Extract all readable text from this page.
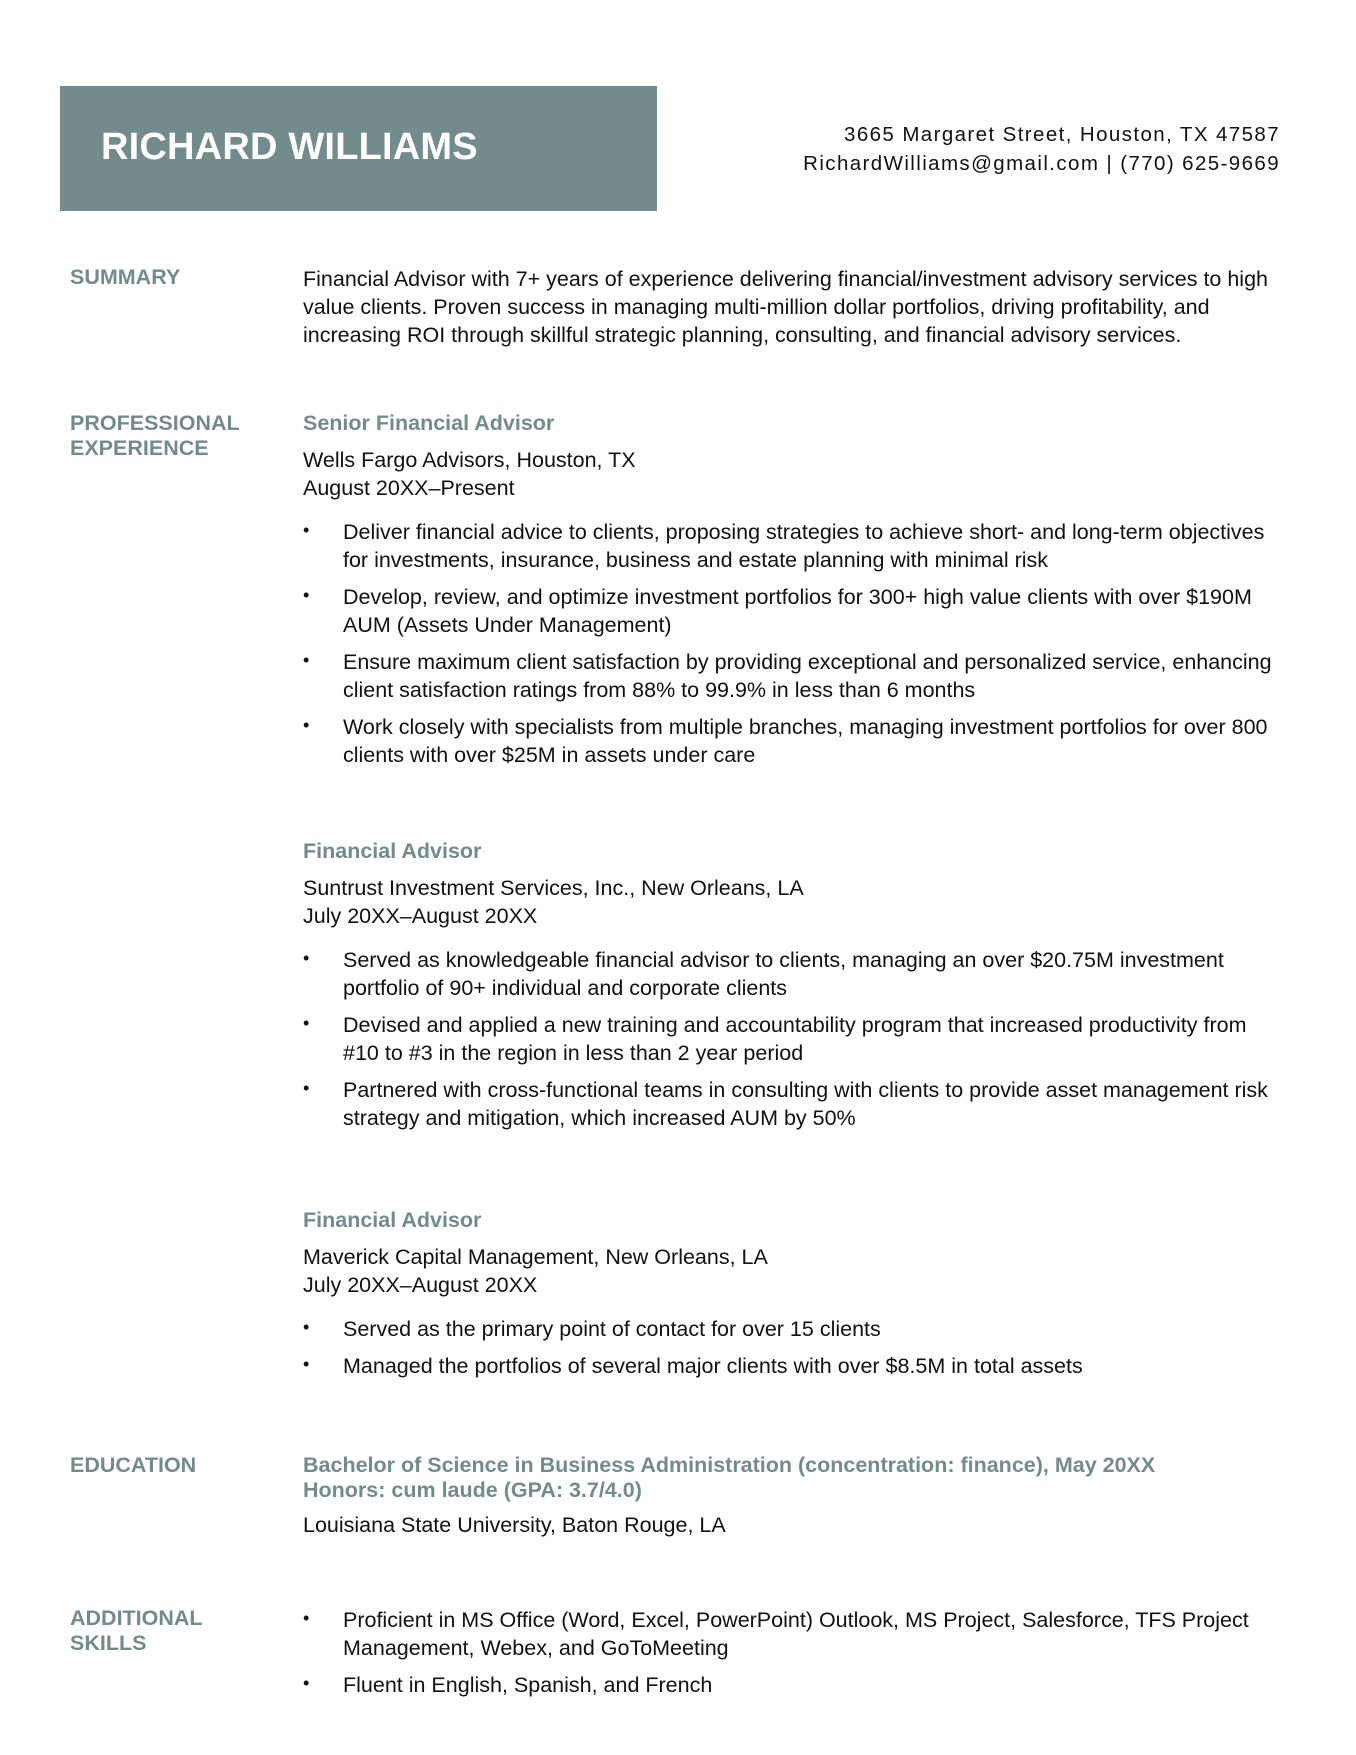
RICHARD WILLIAMS	3665 Margaret Street, Houston, TX 47587
RichardWilliams@gmail.com | (770) 625-9669
SUMMARY	Financial Advisor with 7+ years of experience delivering financial/investment advisory services to high value clients. Proven success in managing multi-million dollar portfolios, driving profitability, and increasing ROI through skillful strategic planning, consulting, and financial advisory services.

PROFESSIONAL
EXPERIENCE

Senior Financial Advisor

Wells Fargo Advisors, Houston, TX

August 20XX–Present

• Deliver financial advice to clients, proposing strategies to achieve short- and long-term objectives for investments, insurance, business and estate planning with minimal risk
• Develop, review, and optimize investment portfolios for 300+ high value clients with over $190M AUM (Assets Under Management)
• Ensure maximum client satisfaction by providing exceptional and personalized service, enhancing client satisfaction ratings from 88% to 99.9% in less than 6 months
• Work closely with specialists from multiple branches, managing investment portfolios for over 800 clients with over $25M in assets under care

Financial Advisor

Suntrust Investment Services, Inc., New Orleans, LA

July 20XX–August 20XX

• Served as knowledgeable financial advisor to clients, managing an over $20.75M investment portfolio of 90+ individual and corporate clients
• Devised and applied a new training and accountability program that increased productivity from #10 to #3 in the region in less than 2 year period
• Partnered with cross-functional teams in consulting with clients to provide asset management risk strategy and mitigation, which increased AUM by 50%

Financial Advisor

Maverick Capital Management, New Orleans, LA

July 20XX–August 20XX

• Served as the primary point of contact for over 15 clients
• Managed the portfolios of several major clients with over $8.5M in total assets
EDUCATION	Bachelor of Science in Business Administration (concentration: finance), May 20XX

Honors: cum laude (GPA: 3.7/4.0)

Louisiana State University, Baton Rouge, LA

ADDITIONAL
SKILLS
• Proficient in MS Office (Word, Excel, PowerPoint) Outlook, MS Project, Salesforce, TFS Project Management, Webex, and GoToMeeting
• Fluent in English, Spanish, and French
